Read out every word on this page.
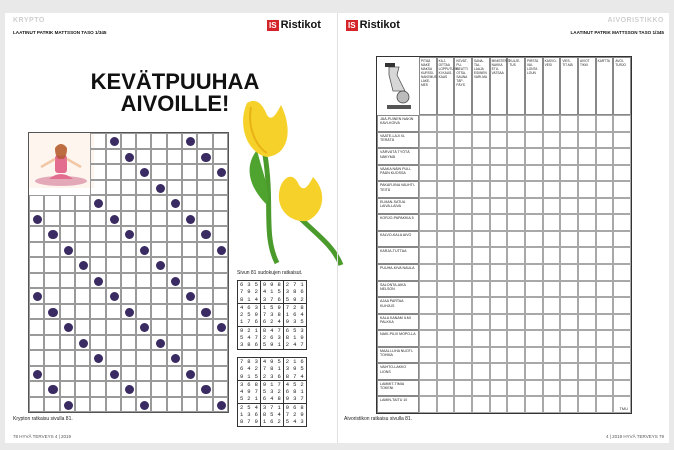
KRYPTO
LAATINUT PATRIK MATTSSON TASO 1/345
IS Ristikot
KEVÄTPUUHAA
AIVOILLE!
Sivun 81 sudokujen ratkaisut.
6 3 5 9 9 8 2 7 1
7 9 2 4 1 5 3 8 6
8 1 4 3 7 6 5 9 2
4 6 3 1 5 9 7 2 8
2 5 9 7 3 8 1 6 4
1 7 6 6 2 4 9 3 5
9 2 1 8 4 7 6 5 3
5 4 7 2 6 3 8 1 9
3 8 6 5 9 1 2 4 7
7 8 3 4 9 5 2 1 6
6 4 2 7 8 1 3 9 5
9 1 5 2 3 6 8 7 4
3 6 8 9 1 7 4 5 2
4 9 7 5 3 2 6 8 1
5 2 1 6 4 8 9 3 7
2 5 4 3 7 1 9 6 8
1 3 6 8 5 4 7 2 9
8 7 9 1 6 2 5 4 3
Krypton ratkaisu sivulla 81.
78 HYVÄ TERVEYS 4 | 2019
IS Ristikot	AIVORISTIKKO
LAATINUT PATRIK MATTSSON TASO 1/345
TMU
PITÄÄ MAKE MAKSA KURSSI-NAKEMUS LAKE-MES
KILJ-OITTAA LOPPUTURK-KI KAUS-KAAS
KEVÄT-PU-REUTTI OTSA-SAUNA TÄP-PÄYS
SANA-TAL-LAAJA ESIINEN VARI-MA
MINISTERIÖ NAKKA ETU-VATSAA
KULJE-TUS
PIRSTA VAI-LONTA LOUN
KASVO-VESI
VIES-TIT-MÄ
AIVOT TIKKI
KARTTA	AVOI-TURJO
JÄÄ-PUINEN NAKIN KAVI-KOIVA
VAATE-LAJI XL TERÄTÄ
VÄRVÄTÄ TYÖTÄ NÄKYMÄ
VAAKA NÄIN PULI-PÄÄN KUOSSA
PAKAR-IINA VAUHTI-TEITÄ
ELMAN-SATUA LAIVA-LAIVA
KORJO-PAPAKKIA 5
KALVO-KALA AIVO
KARJA-TUTTAA
PUUHA-KIVA NAULA
SALONTA-AIKA NELSON
AJAA PARTAA KUHJUS
KALA KANAM ILMI PALKKA
NAKI-PILVI MOPO-LA
MAALI-LIHA NUOTI-TOHMA
VAIHTO-LAKKO LIONS
LAMMIT-TIMIA TOKENI
LAMIN-TAITU 10
Aivoristikon ratkaisu sivulla 81.
4 | 2019 HYVÄ TERVEYS 79
